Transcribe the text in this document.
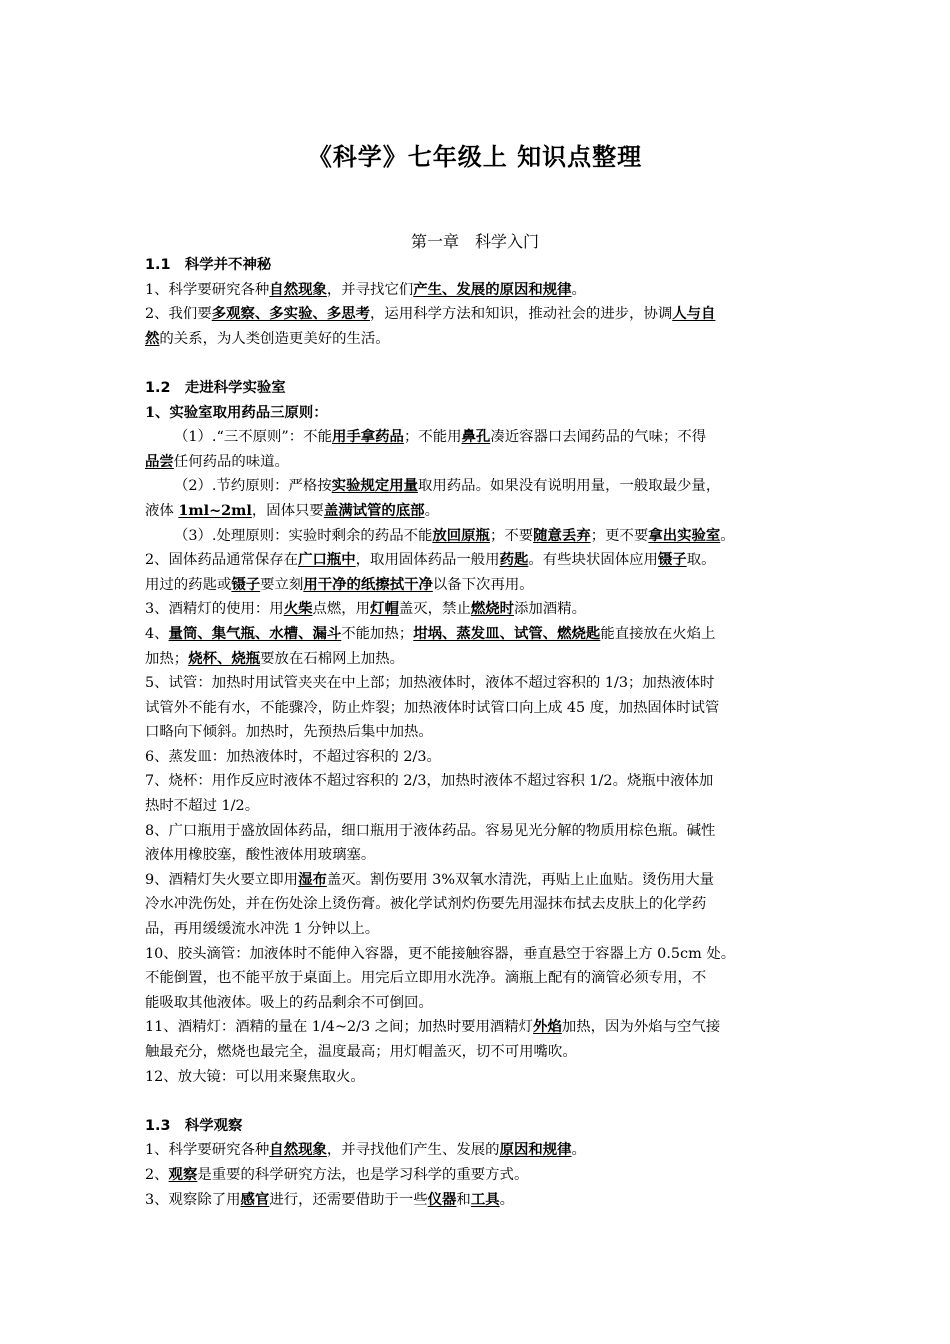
《科学》七年级上 知识点整理
第一章　科学入门
1.1　科学并不神秘
1、科学要研究各种自然现象，并寻找它们产生、发展的原因和规律。
2、我们要多观察、多实验、多思考，运用科学方法和知识，推动社会的进步，协调人与自
然的关系，为人类创造更美好的生活。
1.2　走进科学实验室
1、实验室取用药品三原则：
（1）.“三不原则”：不能用手拿药品；不能用鼻孔凑近容器口去闻药品的气味；不得
品尝任何药品的味道。
（2）.节约原则：严格按实验规定用量取用药品。如果没有说明用量，一般取最少量，
液体 1ml~2ml，固体只要盖满试管的底部。
（3）.处理原则：实验时剩余的药品不能放回原瓶；不要随意丢弃；更不要拿出实验室。
2、固体药品通常保存在广口瓶中，取用固体药品一般用药匙。有些块状固体应用镊子取。
用过的药匙或镊子要立刻用干净的纸擦拭干净以备下次再用。
3、酒精灯的使用：用火柴点燃，用灯帽盖灭，禁止燃烧时添加酒精。
4、量筒、集气瓶、水槽、漏斗不能加热；坩埚、蒸发皿、试管、燃烧匙能直接放在火焰上
加热；烧杯、烧瓶要放在石棉网上加热。
5、试管：加热时用试管夹夹在中上部；加热液体时，液体不超过容积的 1/3；加热液体时
试管外不能有水，不能骤冷，防止炸裂；加热液体时试管口向上成 45 度，加热固体时试管
口略向下倾斜。加热时，先预热后集中加热。
6、蒸发皿：加热液体时，不超过容积的 2/3。
7、烧杯：用作反应时液体不超过容积的 2/3，加热时液体不超过容积 1/2。烧瓶中液体加
热时不超过 1/2。
8、广口瓶用于盛放固体药品，细口瓶用于液体药品。容易见光分解的物质用棕色瓶。碱性
液体用橡胶塞，酸性液体用玻璃塞。
9、酒精灯失火要立即用湿布盖灭。割伤要用 3%双氧水清洗，再贴上止血贴。烫伤用大量
冷水冲洗伤处，并在伤处涂上烫伤膏。被化学试剂灼伤要先用湿抹布拭去皮肤上的化学药
品，再用缓缓流水冲洗 1 分钟以上。
10、胶头滴管：加液体时不能伸入容器，更不能接触容器，垂直悬空于容器上方 0.5cm 处。
不能倒置，也不能平放于桌面上。用完后立即用水洗净。滴瓶上配有的滴管必须专用，不
能吸取其他液体。吸上的药品剩余不可倒回。
11、酒精灯：酒精的量在 1/4~2/3 之间；加热时要用酒精灯外焰加热，因为外焰与空气接
触最充分，燃烧也最完全，温度最高；用灯帽盖灭，切不可用嘴吹。
12、放大镜：可以用来聚焦取火。
1.3　科学观察
1、科学要研究各种自然现象，并寻找他们产生、发展的原因和规律。
2、观察是重要的科学研究方法，也是学习科学的重要方式。
3、观察除了用感官进行，还需要借助于一些仪器和工具。
